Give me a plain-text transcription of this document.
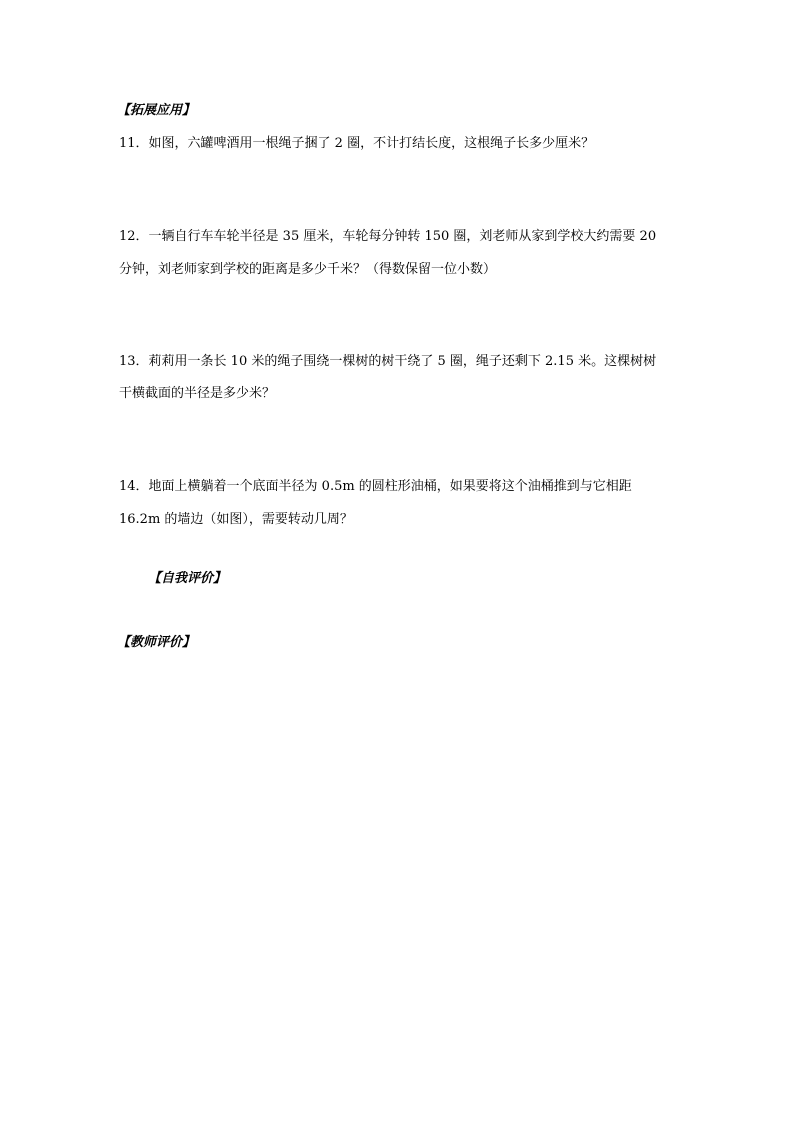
【拓展应用】
11．如图，六罐啤酒用一根绳子捆了 2 圈，不计打结长度，这根绳子长多少厘米？
12．一辆自行车车轮半径是 35 厘米，车轮每分钟转 150 圈，刘老师从家到学校大约需要 20
分钟，刘老师家到学校的距离是多少千米？（得数保留一位小数）
13．莉莉用一条长 10 米的绳子围绕一棵树的树干绕了 5 圈，绳子还剩下 2.15 米。这棵树树
干横截面的半径是多少米？
14．地面上横躺着一个底面半径为 0.5m 的圆柱形油桶，如果要将这个油桶推到与它相距
16.2m 的墙边（如图），需要转动几周？
【自我评价】
【教师评价】
